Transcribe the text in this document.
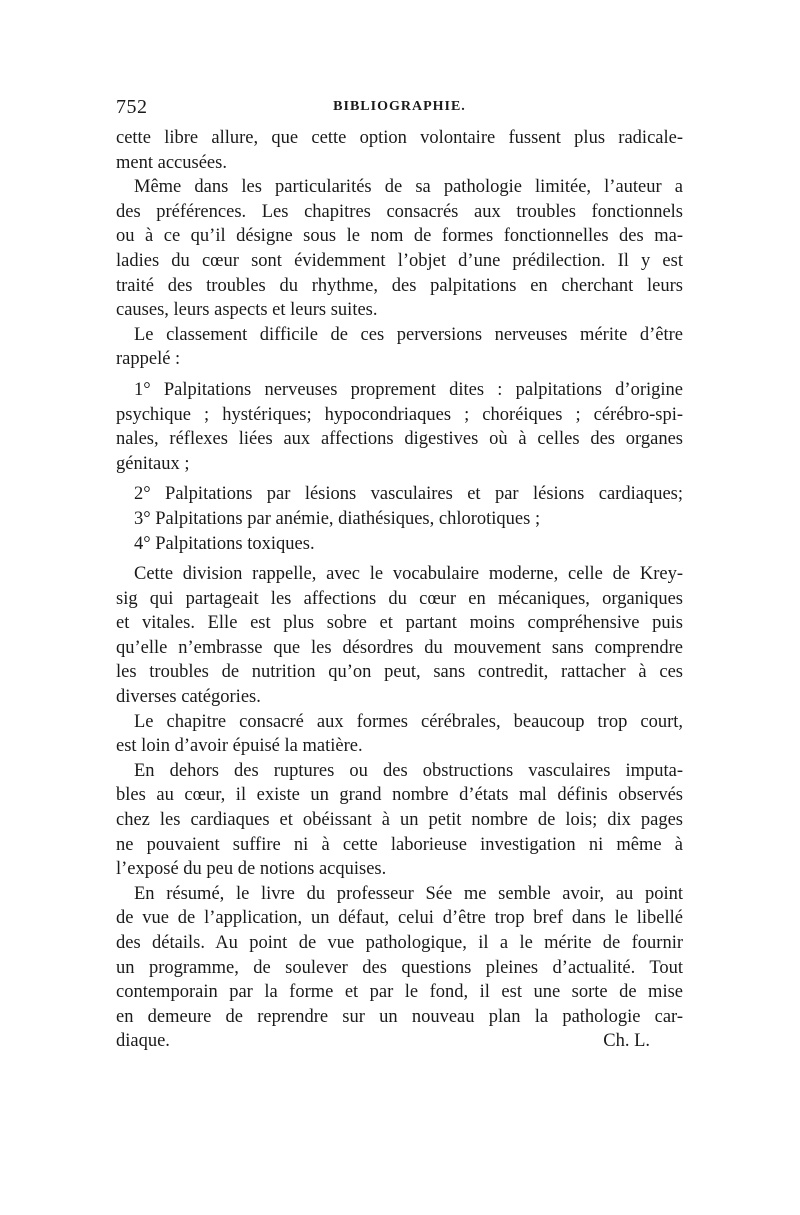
752	BIBLIOGRAPHIE.
cette libre allure, que cette option volontaire fussent plus radicale-
ment accusées.
Même dans les particularités de sa pathologie limitée, l’auteur a
des préférences. Les chapitres consacrés aux troubles fonctionnels
ou à ce qu’il désigne sous le nom de formes fonctionnelles des ma-
ladies du cœur sont évidemment l’objet d’une prédilection. Il y est
traité des troubles du rhythme, des palpitations en cherchant leurs
causes, leurs aspects et leurs suites.
Le classement difficile de ces perversions nerveuses mérite d’être
rappelé :
1° Palpitations nerveuses proprement dites : palpitations d’origine
psychique ; hystériques; hypocondriaques ; choréiques ; cérébro-spi-
nales, réflexes liées aux affections digestives où à celles des organes
génitaux ;
2° Palpitations par lésions vasculaires et par lésions cardiaques;
3° Palpitations par anémie, diathésiques, chlorotiques ;
4° Palpitations toxiques.
Cette division rappelle, avec le vocabulaire moderne, celle de Krey-
sig qui partageait les affections du cœur en mécaniques, organiques
et vitales. Elle est plus sobre et partant moins compréhensive puis
qu’elle n’embrasse que les désordres du mouvement sans comprendre
les troubles de nutrition qu’on peut, sans contredit, rattacher à ces
diverses catégories.
Le chapitre consacré aux formes cérébrales, beaucoup trop court,
est loin d’avoir épuisé la matière.
En dehors des ruptures ou des obstructions vasculaires imputa-
bles au cœur, il existe un grand nombre d’états mal définis observés
chez les cardiaques et obéissant à un petit nombre de lois; dix pages
ne pouvaient suffire ni à cette laborieuse investigation ni même à
l’exposé du peu de notions acquises.
En résumé, le livre du professeur Sée me semble avoir, au point
de vue de l’application, un défaut, celui d’être trop bref dans le libellé
des détails. Au point de vue pathologique, il a le mérite de fournir
un programme, de soulever des questions pleines d’actualité. Tout
contemporain par la forme et par le fond, il est une sorte de mise
en demeure de reprendre sur un nouveau plan la pathologie car-
diaque.	Ch. L.
